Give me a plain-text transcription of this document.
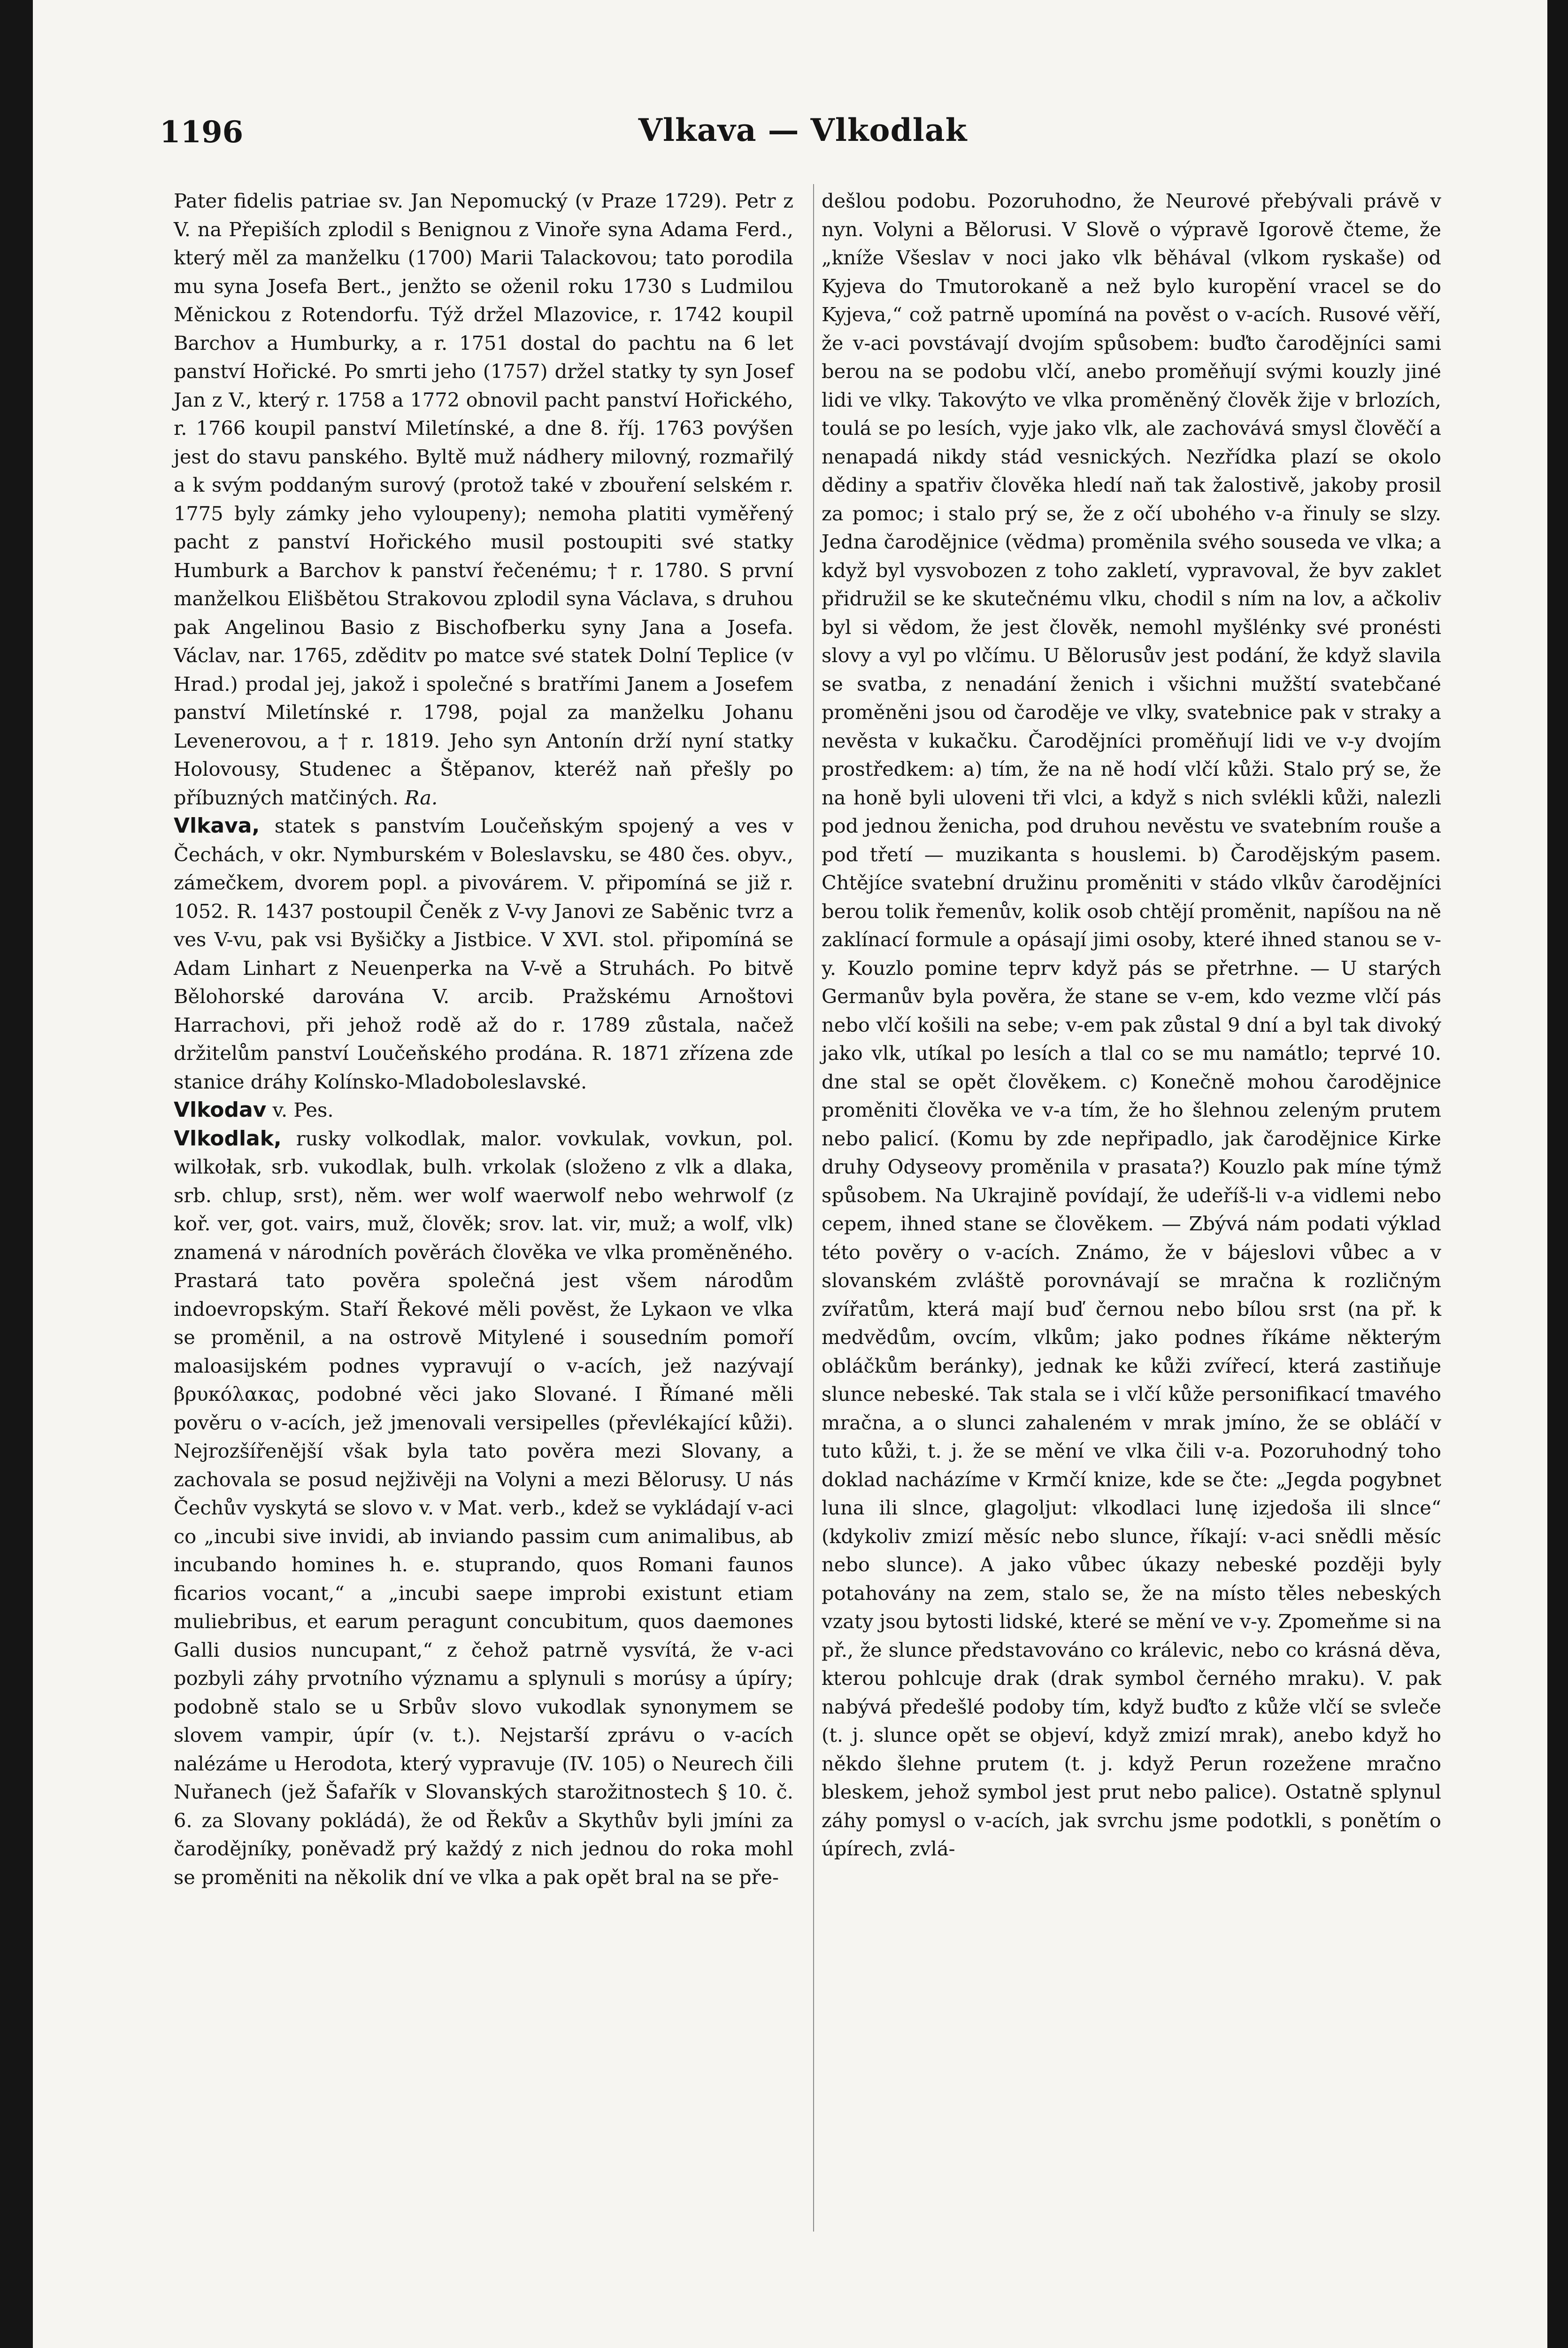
1196	Vlkava — Vlkodlak

Pater fidelis patriae sv. Jan Nepomucký (v Praze 1729). Petr z V. na Přepiších zplodil s Benignou z Vinoře syna Adama Ferd., který měl za manželku (1700) Marii Talackovou; tato porodila mu syna Josefa Bert., jenžto se oženil roku 1730 s Ludmilou Měnickou z Rotendorfu. Týž držel Mlazovice, r. 1742 koupil Barchov a Humburky, a r. 1751 dostal do pachtu na 6 let panství Hořické. Po smrti jeho (1757) držel statky ty syn Josef Jan z V., který r. 1758 a 1772 obnovil pacht panství Hořického, r. 1766 koupil panství Miletínské, a dne 8. říj. 1763 povýšen jest do stavu panského. Byltě muž nádhery milovný, rozmařilý a k svým poddaným surový (protož také v zbouření selském r. 1775 byly zámky jeho vyloupeny); nemoha platiti vyměřený pacht z panství Hořického musil postoupiti své statky Humburk a Barchov k panství řečenému; † r. 1780. S první manželkou Elišbětou Strakovou zplodil syna Václava, s druhou pak Angelinou Basio z Bischofberku syny Jana a Josefa. Václav, nar. 1765, zděditv po matce své statek Dolní Teplice (v Hrad.) prodal jej, jakož i společné s bratřími Janem a Josefem panství Miletínské r. 1798, pojal za manželku Johanu Levenerovou, a † r. 1819. Jeho syn Antonín drží nyní statky Holovousy, Studenec a Štěpanov, kteréž naň přešly po příbuzných matčiných. Ra.

Vlkava, statek s panstvím Loučeňským spojený a ves v Čechách, v okr. Nymburském v Boleslavsku, se 480 čes. obyv., zámečkem, dvorem popl. a pivovárem. V. připomíná se již r. 1052. R. 1437 postoupil Čeněk z V-vy Janovi ze Saběnic tvrz a ves V-vu, pak vsi Byšičky a Jistbice. V XVI. stol. připomíná se Adam Linhart z Neuenperka na V-vě a Struhách. Po bitvě Bělohorské darována V. arcib. Pražskému Arnoštovi Harrachovi, při jehož rodě až do r. 1789 zůstala, načež držitelům panství Loučeňského prodána. R. 1871 zřízena zde stanice dráhy Kolínsko-Mladoboleslavské.

Vlkodav v. Pes.

Vlkodlak, rusky volkodlak, malor. vovkulak, vovkun, pol. wilkołak, srb. vukodlak, bulh. vrkolak (složeno z vlk a dlaka, srb. chlup, srst), něm. wer wolf waerwolf nebo wehrwolf (z koř. ver, got. vairs, muž, člověk; srov. lat. vir, muž; a wolf, vlk) znamená v národních pověrách člověka ve vlka proměněného. Prastará tato pověra společná jest všem národům indoevropským. Staří Řekové měli pověst, že Lykaon ve vlka se proměnil, a na ostrově Mitylené i sousedním pomoří maloasijském podnes vypravují o v-acích, jež nazývají βρυκόλακας, podobné věci jako Slované. I Římané měli pověru o v-acích, jež jmenovali versipelles (převlékající kůži). Nejrozšířenější však byla tato pověra mezi Slovany, a zachovala se posud nejživěji na Volyni a mezi Bělorusy. U nás Čechův vyskytá se slovo v. v Mat. verb., kdež se vykládají v-aci co „incubi sive invidi, ab inviando passim cum animalibus, ab incubando homines h. e. stuprando, quos Romani faunos ficarios vocant,“ a „incubi saepe improbi existunt etiam muliebribus, et earum peragunt concubitum, quos daemones Galli dusios nuncupant,“ z čehož patrně vysvítá, že v-aci pozbyli záhy prvotního významu a splynuli s morúsy a úpíry; podobně stalo se u Srbův slovo vukodlak synonymem se slovem vampir, úpír (v. t.). Nejstarší zprávu o v-acích nalézáme u Herodota, který vypravuje (IV. 105) o Neurech čili Nuřanech (jež Šafařík v Slovanských starožitnostech § 10. č. 6. za Slovany pokládá), že od Řekův a Skythův byli jmíni za čarodějníky, poněvadž prý každý z nich jednou do roka mohl se proměniti na několik dní ve vlka a pak opět bral na se pře-

dešlou podobu. Pozoruhodno, že Neurové přebývali právě v nyn. Volyni a Bělorusi. V Slově o výpravě Igorově čteme, že „kníže Všeslav v noci jako vlk běhával (vlkom ryskaše) od Kyjeva do Tmutorokaně a než bylo kuropění vracel se do Kyjeva,“ což patrně upomíná na pověst o v-acích. Rusové věří, že v-aci povstávají dvojím spůsobem: buďto čarodějníci sami berou na se podobu vlčí, anebo proměňují svými kouzly jiné lidi ve vlky. Takovýto ve vlka proměněný člověk žije v brlozích, toulá se po lesích, vyje jako vlk, ale zachovává smysl člověčí a nenapadá nikdy stád vesnických. Nezřídka plazí se okolo dědiny a spatřiv člověka hledí naň tak žalostivě, jakoby prosil za pomoc; i stalo prý se, že z očí ubohého v-a řinuly se slzy. Jedna čarodějnice (vědma) proměnila svého souseda ve vlka; a když byl vysvobozen z toho zakletí, vypravoval, že byv zaklet přidružil se ke skutečnému vlku, chodil s ním na lov, a ačkoliv byl si vědom, že jest člověk, nemohl myšlénky své pronésti slovy a vyl po vlčímu. U Bělorusův jest podání, že když slavila se svatba, z nenadání ženich i všichni mužští svatebčané proměněni jsou od čaroděje ve vlky, svatebnice pak v straky a nevěsta v kukačku. Čarodějníci proměňují lidi ve v-y dvojím prostředkem: a) tím, že na ně hodí vlčí kůži. Stalo prý se, že na honě byli uloveni tři vlci, a když s nich svlékli kůži, nalezli pod jednou ženicha, pod druhou nevěstu ve svatebním rouše a pod třetí — muzikanta s houslemi. b) Čarodějským pasem. Chtějíce svatební družinu proměniti v stádo vlkův čarodějníci berou tolik řemenův, kolik osob chtějí proměnit, napíšou na ně zaklínací formule a opásají jimi osoby, které ihned stanou se v-y. Kouzlo pomine teprv když pás se přetrhne. — U starých Germanův byla pověra, že stane se v-em, kdo vezme vlčí pás nebo vlčí košili na sebe; v-em pak zůstal 9 dní a byl tak divoký jako vlk, utíkal po lesích a tlal co se mu namátlo; teprvé 10. dne stal se opět člověkem. c) Konečně mohou čarodějnice proměniti člověka ve v-a tím, že ho šlehnou zeleným prutem nebo palicí. (Komu by zde nepřipadlo, jak čarodějnice Kirke druhy Odyseovy proměnila v prasata?) Kouzlo pak míne týmž spůsobem. Na Ukrajině povídají, že udeříš-li v-a vidlemi nebo cepem, ihned stane se člověkem. — Zbývá nám podati výklad této pověry o v-acích. Známo, že v bájeslovi vůbec a v slovanském zvláště porovnávají se mračna k rozličným zvířatům, která mají buď černou nebo bílou srst (na př. k medvědům, ovcím, vlkům; jako podnes říkáme některým obláčkům beránky), jednak ke kůži zvířecí, která zastiňuje slunce nebeské. Tak stala se i vlčí kůže personifikací tmavého mračna, a o slunci zahaleném v mrak jmíno, že se obláčí v tuto kůži, t. j. že se mění ve vlka čili v-a. Pozoruhodný toho doklad nacházíme v Krmčí knize, kde se čte: „Jegda pogybnet luna ili slnce, glagoljut: vlkodlaci lunę izjedoša ili slnce“ (kdykoliv zmizí měsíc nebo slunce, říkají: v-aci snědli měsíc nebo slunce). A jako vůbec úkazy nebeské později byly potahovány na zem, stalo se, že na místo těles nebeských vzaty jsou bytosti lidské, které se mění ve v-y. Zpomeňme si na př., že slunce představováno co králevic, nebo co krásná děva, kterou pohlcuje drak (drak symbol černého mraku). V. pak nabývá předešlé podoby tím, když buďto z kůže vlčí se svleče (t. j. slunce opět se objeví, když zmizí mrak), anebo když ho někdo šlehne prutem (t. j. když Perun rozežene mračno bleskem, jehož symbol jest prut nebo palice). Ostatně splynul záhy pomysl o v-acích, jak svrchu jsme podotkli, s ponětím o úpírech, zvlá-
